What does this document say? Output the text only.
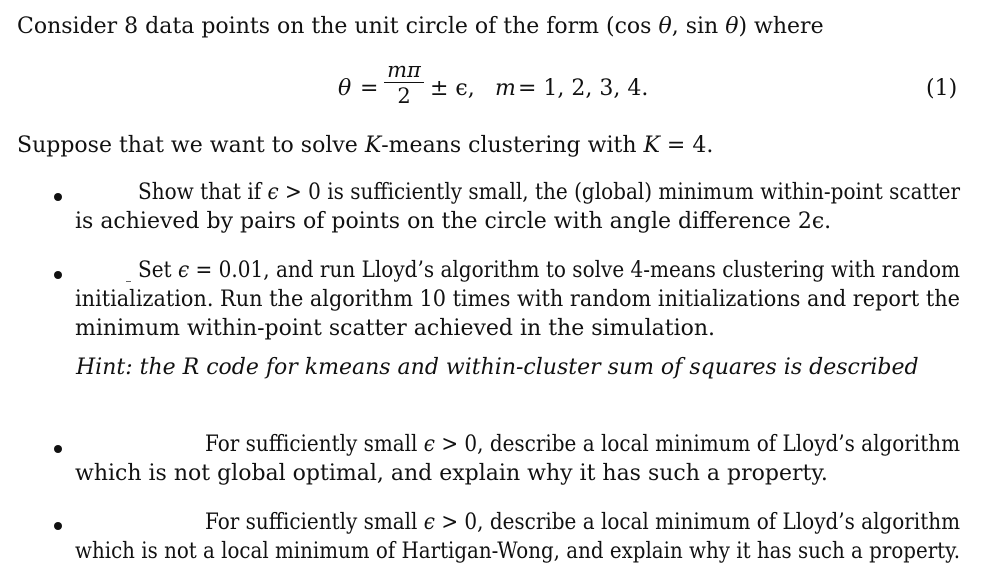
Consider 8 data points on the unit circle of the form (cos θ, sin θ) where
θ =
mπ
2 ± ϵ, m = 1, 2, 3, 4.	(1)
Suppose that we want to solve K-means clustering with K = 4.
Show that if ϵ > 0 is sufficiently small, the (global) minimum within-point scatter
is achieved by pairs of points on the circle with angle difference 2ϵ.
Set ϵ = 0.01, and run Lloyd’s algorithm to solve 4-means clustering with random
initialization. Run the algorithm 10 times with random initializations and report the
minimum within-point scatter achieved in the simulation.
Hint: the R code for kmeans and within-cluster sum of squares is described
For sufficiently small ϵ > 0, describe a local minimum of Lloyd’s algorithm
which is not global optimal, and explain why it has such a property.
For sufficiently small ϵ > 0, describe a local minimum of Lloyd’s algorithm
which is not a local minimum of Hartigan-Wong, and explain why it has such a property.
